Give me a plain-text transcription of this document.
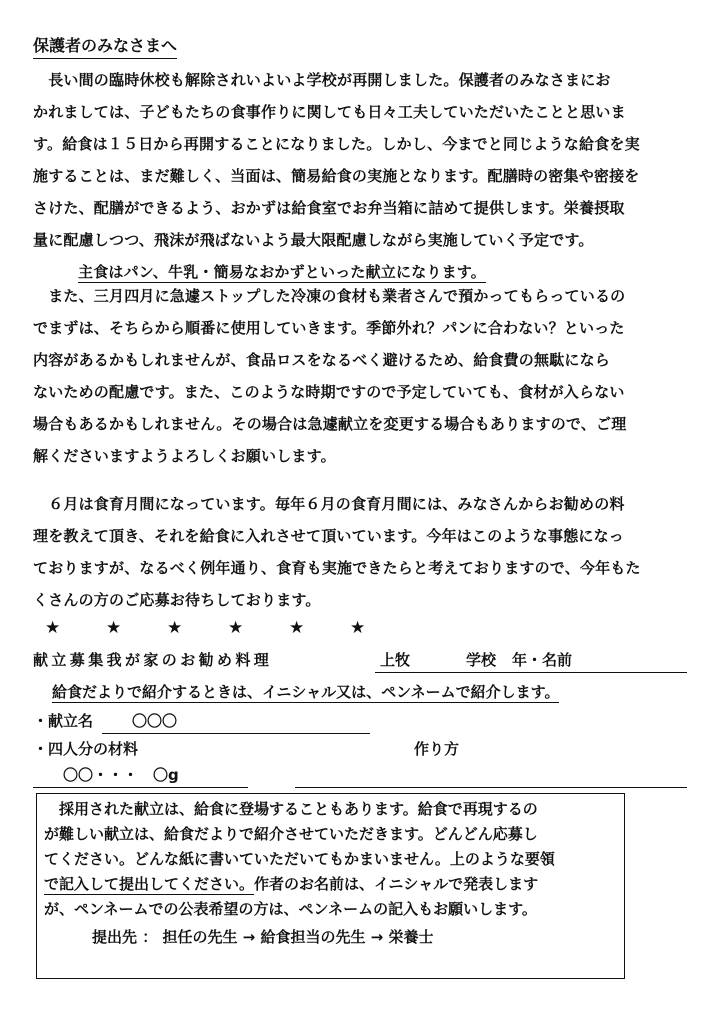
保護者のみなさまへ

　長い間の臨時休校も解除されいよいよ学校が再開しました。保護者のみなさまにお
かれましては、子どもたちの食事作りに関しても日々工夫していただいたことと思いま
す。給食は１５日から再開することになりました。しかし、今までと同じような給食を実
施することは、まだ難しく、当面は、簡易給食の実施となります。配膳時の密集や密接を
さけた、配膳ができるよう、おかずは給食室でお弁当箱に詰めて提供します。栄養摂取
量に配慮しつつ、飛沫が飛ばないよう最大限配慮しながら実施していく予定です。
主食はパン、牛乳・簡易なおかずといった献立になります。

　また、三月四月に急遽ストップした冷凍の食材も業者さんで預かってもらっているの
でまずは、そちらから順番に使用していきます。季節外れ？パンに合わない？といった
内容があるかもしれませんが、食品ロスをなるべく避けるため、給食費の無駄になら
ないための配慮です。また、このような時期ですので予定していても、食材が入らない
場合もあるかもしれません。その場合は急遽献立を変更する場合もありますので、ご理
解くださいますようよろしくお願いします。

　６月は食育月間になっています。毎年６月の食育月間には、みなさんからお勧めの料
理を教えて頂き、それを給食に入れさせて頂いています。今年はこのような事態になっ
ておりますが、なるべく例年通り、食育も実施できたらと考えておりますので、今年もた
くさんの方のご応募お待ちしております。

★	★	★	★	★	★
献立募集我が家のお勧め料理	上牧	学校 年・名前
給食だよりで紹介するときは、イニシャル又は、ペンネームで紹介します。
・献立名	〇〇〇
・四人分の材料	作り方
〇〇・・・　〇g

　採用された献立は、給食に登場することもあります。給食で再現するの
が難しい献立は、給食だよりで紹介させていただきます。どんどん応募し
てください。どんな紙に書いていただいてもかまいません。上のような要領
で記入して提出してください。作者のお名前は、イニシャルで発表します
が、ペンネームでの公表希望の方は、ペンネームの記入もお願いします。

提出先 ： 担任の先生 → 給食担当の先生 → 栄養士
